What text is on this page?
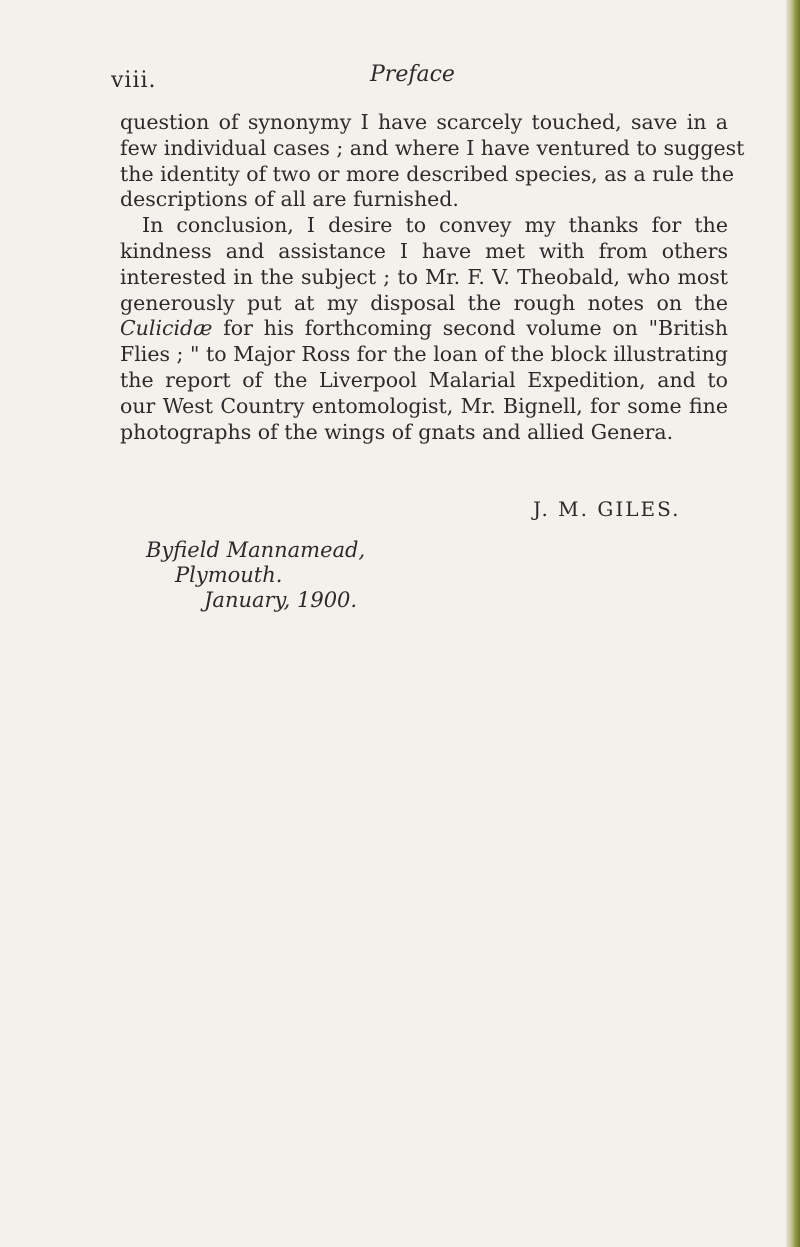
viii.	Preface
question of synonymy I have scarcely touched, save in a
few individual cases ; and where I have ventured to suggest
the identity of two or more described species, as a rule the
descriptions of all are furnished.
In conclusion, I desire to convey my thanks for the
kindness and assistance I have met with from others
interested in the subject ; to Mr. F. V. Theobald, who most
generously put at my disposal the rough notes on the
Culicidæ for his forthcoming second volume on "British
Flies ; " to Major Ross for the loan of the block illustrating
the report of the Liverpool Malarial Expedition, and to
our West Country entomologist, Mr. Bignell, for some fine
photographs of the wings of gnats and allied Genera.
J. M. GILES.
Byfield Mannamead,
Plymouth.
January, 1900.
